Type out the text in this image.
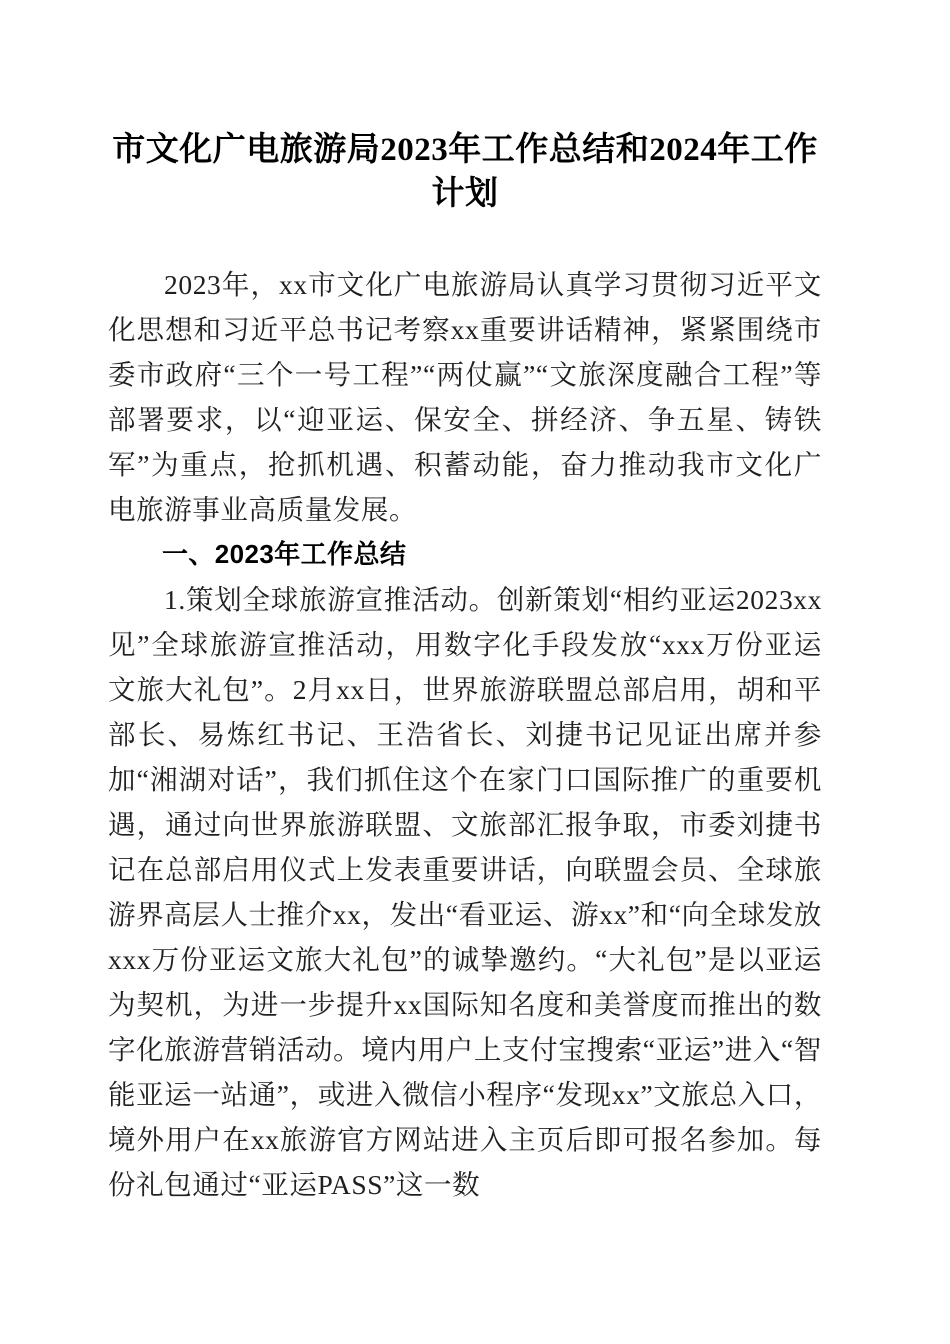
市文化广电旅游局2023年工作总结和2024年工作计划

2023年，xx市文化广电旅游局认真学习贯彻习近平文化思想和习近平总书记考察xx重要讲话精神，紧紧围绕市委市政府“三个一号工程”“两仗赢”“文旅深度融合工程”等部署要求，以“迎亚运、保安全、拼经济、争五星、铸铁军”为重点，抢抓机遇、积蓄动能，奋力推动我市文化广电旅游事业高质量发展。

一、2023年工作总结

1.策划全球旅游宣推活动。创新策划“相约亚运2023xx见”全球旅游宣推活动，用数字化手段发放“xxx万份亚运文旅大礼包”。2月xx日，世界旅游联盟总部启用，胡和平部长、易炼红书记、王浩省长、刘捷书记见证出席并参加“湘湖对话”，我们抓住这个在家门口国际推广的重要机遇，通过向世界旅游联盟、文旅部汇报争取，市委刘捷书记在总部启用仪式上发表重要讲话，向联盟会员、全球旅游界高层人士推介xx，发出“看亚运、游xx”和“向全球发放xxx万份亚运文旅大礼包”的诚挚邀约。“大礼包”是以亚运为契机，为进一步提升xx国际知名度和美誉度而推出的数字化旅游营销活动。境内用户上支付宝搜索“亚运”进入“智能亚运一站通”，或进入微信小程序“发现xx”文旅总入口，境外用户在xx旅游官方网站进入主页后即可报名参加。每份礼包通过“亚运PASS”这一数
